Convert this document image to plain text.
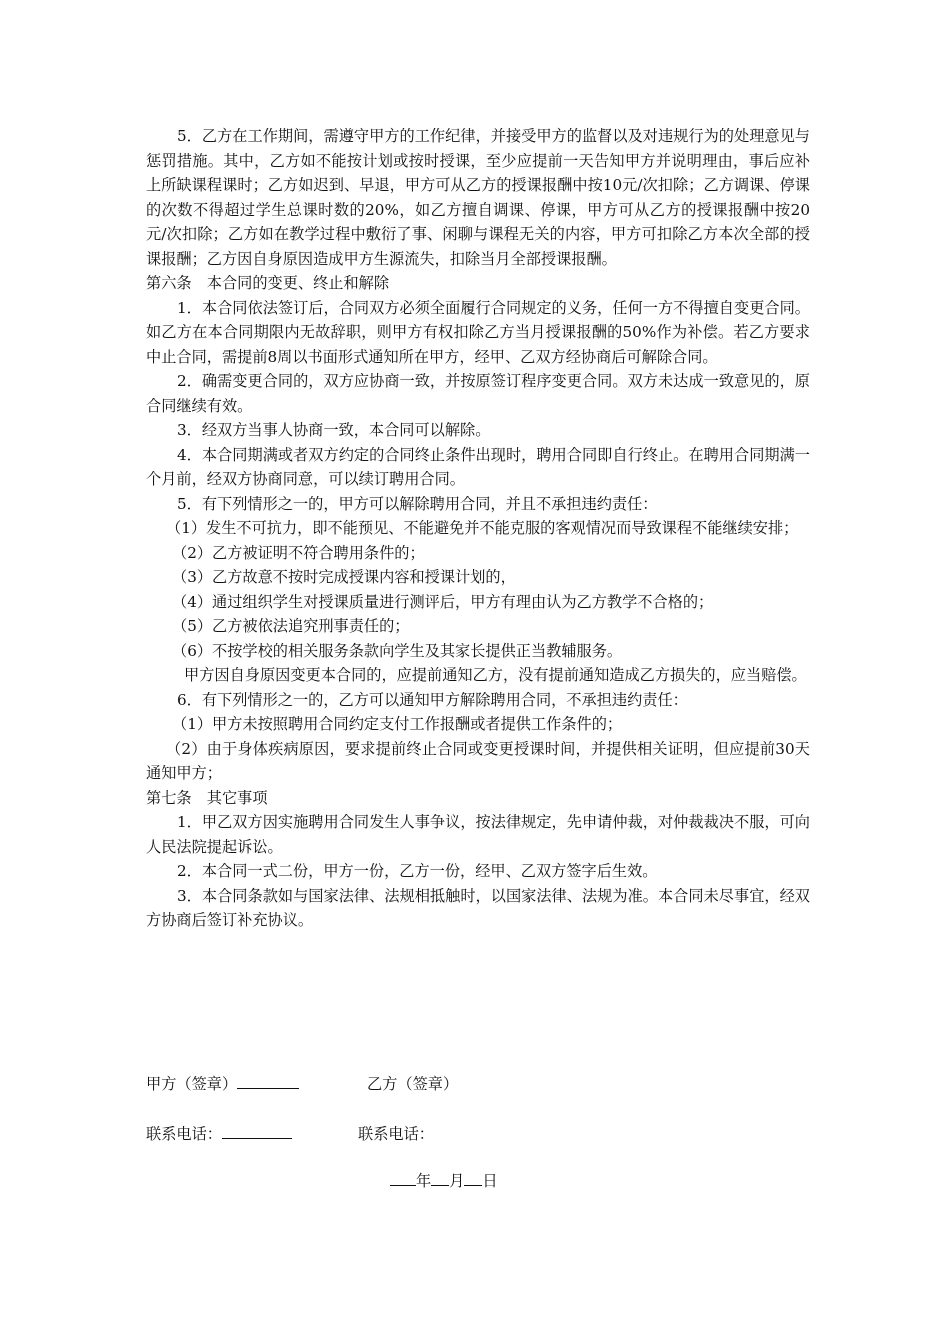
5．乙方在工作期间，需遵守甲方的工作纪律，并接受甲方的监督以及对违规行为的处理意见与惩罚措施。其中，乙方如不能按计划或按时授课，至少应提前一天告知甲方并说明理由，事后应补上所缺课程课时；乙方如迟到、早退，甲方可从乙方的授课报酬中按10元/次扣除；乙方调课、停课的次数不得超过学生总课时数的20%，如乙方擅自调课、停课，甲方可从乙方的授课报酬中按20元/次扣除；乙方如在教学过程中敷衍了事、闲聊与课程无关的内容，甲方可扣除乙方本次全部的授课报酬；乙方因自身原因造成甲方生源流失，扣除当月全部授课报酬。

第六条　本合同的变更、终止和解除

1．本合同依法签订后，合同双方必须全面履行合同规定的义务，任何一方不得擅自变更合同。如乙方在本合同期限内无故辞职，则甲方有权扣除乙方当月授课报酬的50%作为补偿。若乙方要求中止合同，需提前8周以书面形式通知所在甲方，经甲、乙双方经协商后可解除合同。

2．确需变更合同的，双方应协商一致，并按原签订程序变更合同。双方未达成一致意见的，原合同继续有效。

3．经双方当事人协商一致，本合同可以解除。

4．本合同期满或者双方约定的合同终止条件出现时，聘用合同即自行终止。在聘用合同期满一个月前，经双方协商同意，可以续订聘用合同。

5．有下列情形之一的，甲方可以解除聘用合同，并且不承担违约责任：

（1）发生不可抗力，即不能预见、不能避免并不能克服的客观情况而导致课程不能继续安排；

（2）乙方被证明不符合聘用条件的；

（3）乙方故意不按时完成授课内容和授课计划的，

（4）通过组织学生对授课质量进行测评后，甲方有理由认为乙方教学不合格的；

（5）乙方被依法追究刑事责任的；

（6）不按学校的相关服务条款向学生及其家长提供正当教辅服务。

甲方因自身原因变更本合同的，应提前通知乙方，没有提前通知造成乙方损失的，应当赔偿。

6．有下列情形之一的，乙方可以通知甲方解除聘用合同，不承担违约责任：

（1）甲方未按照聘用合同约定支付工作报酬或者提供工作条件的；

（2）由于身体疾病原因，要求提前终止合同或变更授课时间，并提供相关证明，但应提前30天通知甲方；

第七条　其它事项

1．甲乙双方因实施聘用合同发生人事争议，按法律规定，先申请仲裁，对仲裁裁决不服，可向人民法院提起诉讼。

2．本合同一式二份，甲方一份，乙方一份，经甲、乙双方签字后生效。

3．本合同条款如与国家法律、法规相抵触时，以国家法律、法规为准。本合同未尽事宜，经双方协商后签订补充协议。

甲方（签章）	乙方（签章）
联系电话：	联系电话：
年 月 日
